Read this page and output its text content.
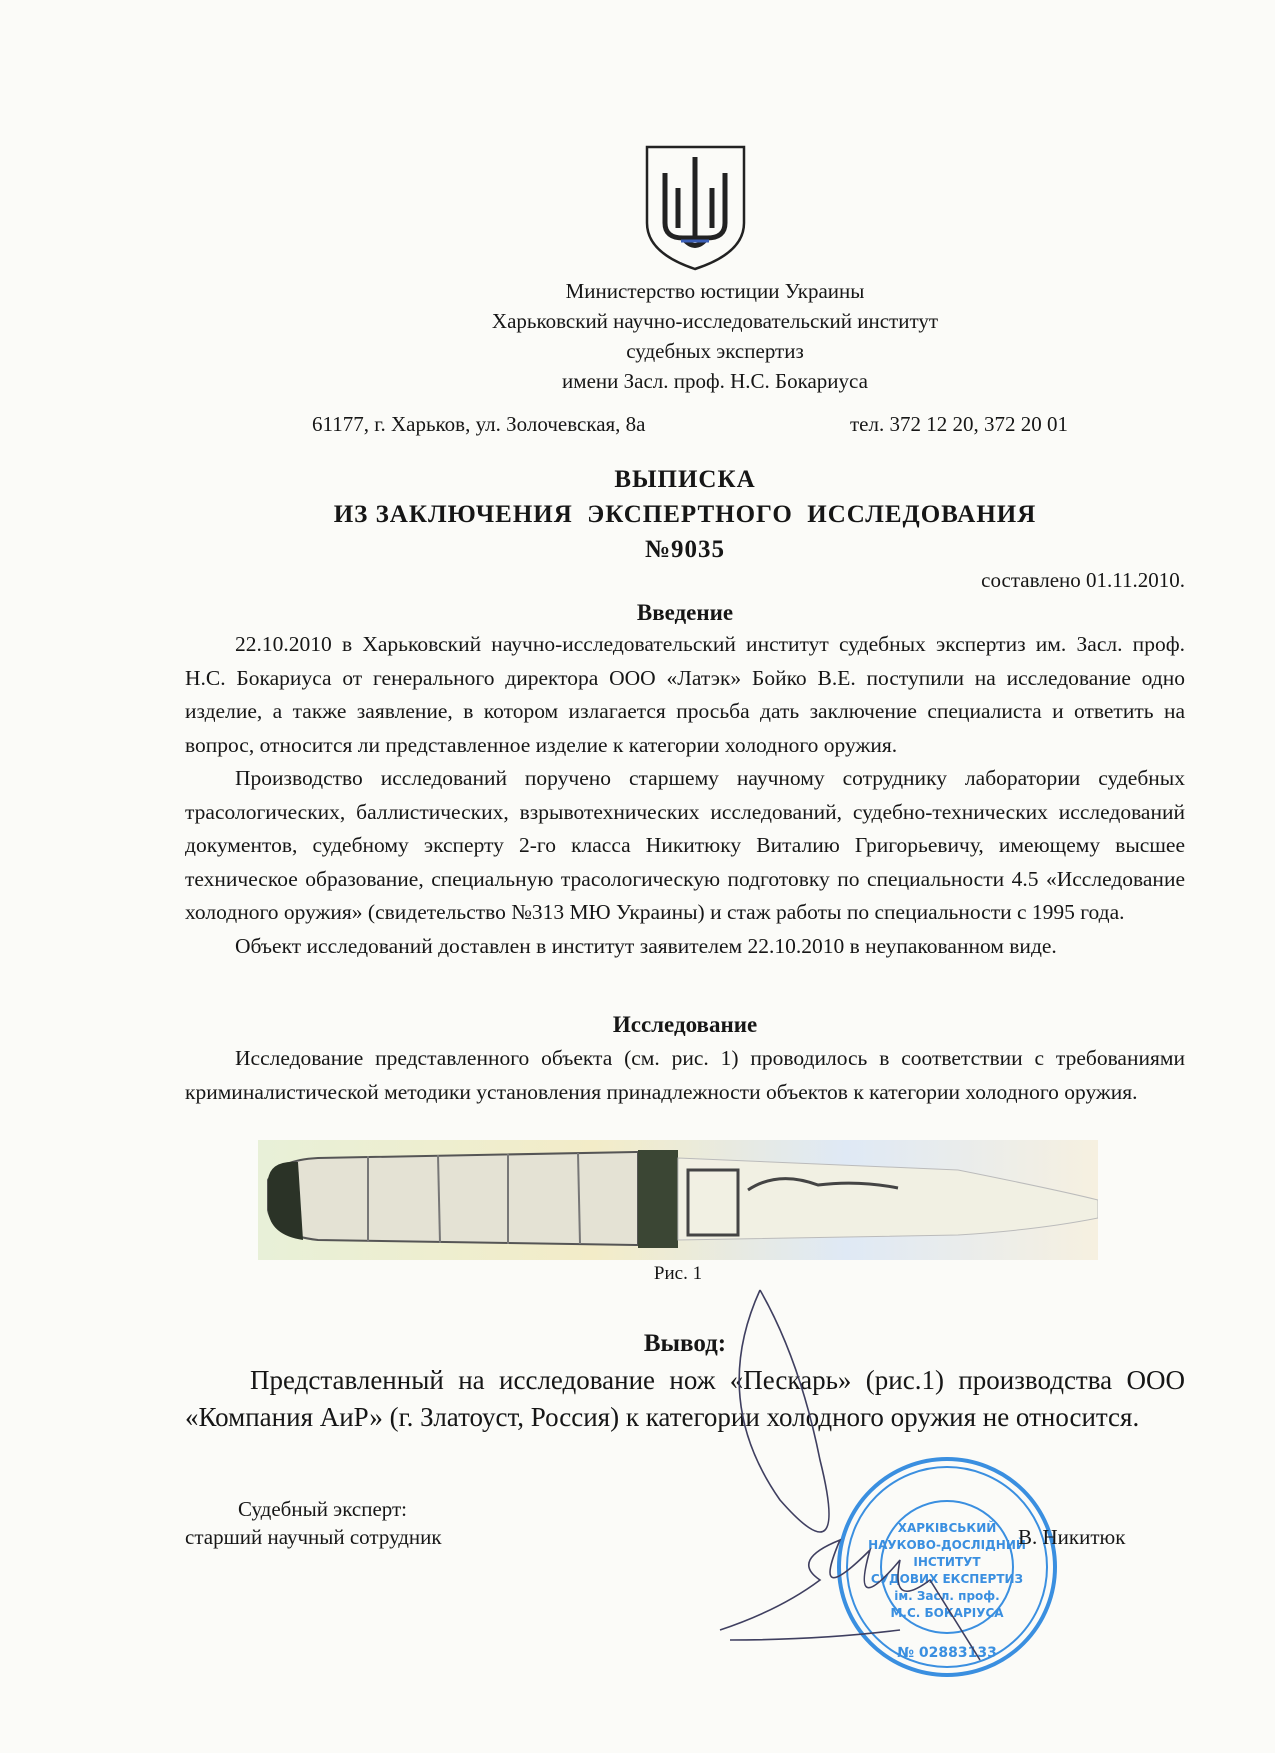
Министерство юстиции Украины
Харьковский научно-исследовательский институт
судебных экспертиз
имени Засл. проф. Н.С. Бокариуса
61177, г. Харьков, ул. Золочевская, 8а	тел. 372 12 20, 372 20 01
ВЫПИСКА
ИЗ ЗАКЛЮЧЕНИЯ  ЭКСПЕРТНОГО  ИССЛЕДОВАНИЯ
№9035
составлено 01.11.2010.
Введение

22.10.2010 в Харьковский научно-исследовательский институт судебных экспертиз им. Засл. проф. Н.С. Бокариуса от генерального директора ООО «Латэк» Бойко В.Е. поступили на исследование одно изделие, а также заявление, в котором излагается просьба дать заключение специалиста и ответить на вопрос, относится ли представленное изделие к категории холодного оружия.

Производство исследований поручено старшему научному сотруднику лаборатории судебных трасологических, баллистических, взрывотехнических исследований, судебно-технических исследований документов, судебному эксперту 2-го класса Никитюку Виталию Григорьевичу, имеющему высшее техническое образование, специальную трасологическую подготовку по специальности 4.5 «Исследование холодного оружия» (свидетельство №313 МЮ Украины) и стаж работы по специальности с 1995 года.

Объект исследований доставлен в институт заявителем 22.10.2010 в неупакованном виде.

Исследование

Исследование представленного объекта (см. рис. 1) проводилось в соответствии с требованиями криминалистической методики установления принадлежности объектов к категории холодного оружия.

Рис. 1
Вывод:

Представленный на исследование нож «Пескарь» (рис.1) производства ООО «Компания АиР» (г. Златоуст, Россия) к категории холодного оружия не относится.

Судебный эксперт:
старший научный сотрудник	ХАРКІВСЬКИЙ
НАУКОВО-ДОСЛІДНИЙ
ІНСТИТУТ
СУДОВИХ ЕКСПЕРТИЗ
ім. Засл. проф.
М.С. БОКАРІУСА
№ 02883133
В. Никитюк
